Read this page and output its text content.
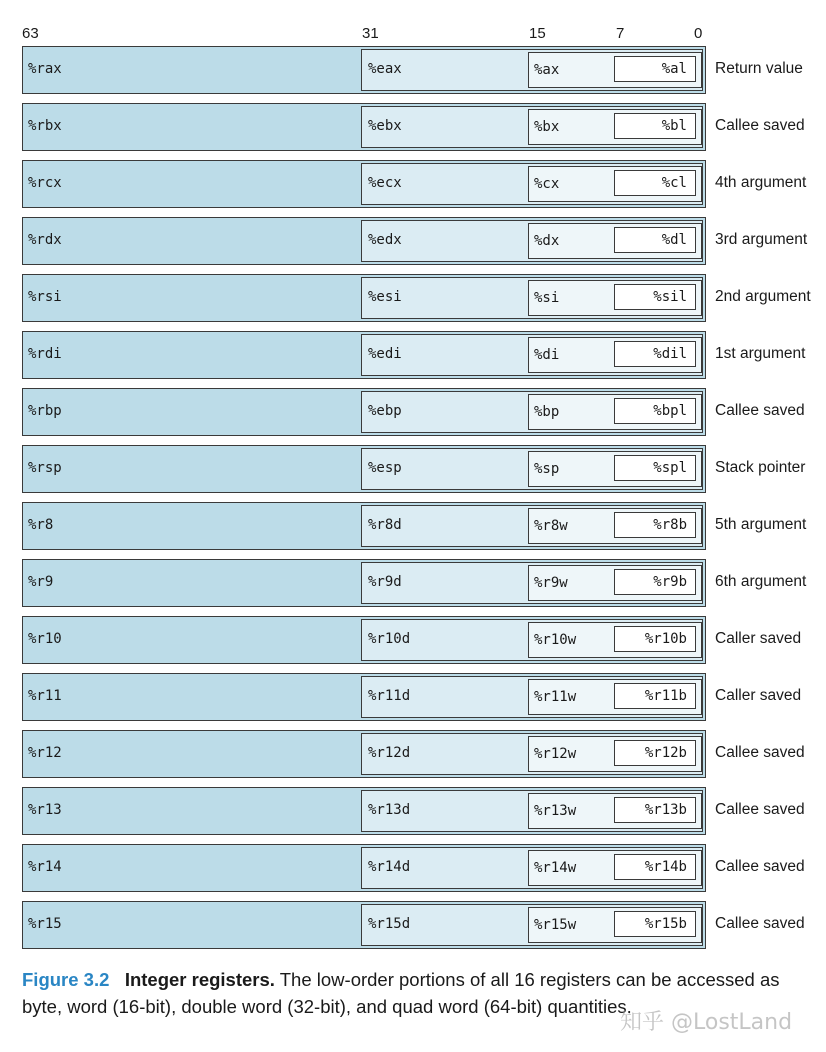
63	31	15	7	0
%rax	%eax	%ax	%al Return value
%rbx	%ebx	%bx	%bl Callee saved
%rcx	%ecx	%cx	%cl 4th argument
%rdx	%edx	%dx	%dl 3rd argument
%rsi	%esi	%si	%sil 2nd argument
%rdi	%edi	%di	%dil 1st argument
%rbp	%ebp	%bp	%bpl Callee saved
%rsp	%esp	%sp	%spl Stack pointer
%r8	%r8d	%r8w	%r8b 5th argument
%r9	%r9d	%r9w	%r9b 6th argument
%r10	%r10d	%r10w	%r10b Caller saved
%r11	%r11d	%r11w	%r11b Caller saved
%r12	%r12d	%r12w	%r12b Callee saved
%r13	%r13d	%r13w	%r13b Callee saved
%r14	%r14d	%r14w	%r14b Callee saved
%r15	%r15d	%r15w	%r15b Callee saved
Figure 3.2 Integer registers. The low-order portions of all 16 registers can be accessed as byte, word (16-bit), double word (32-bit), and quad word (64-bit) quantities.
知乎 @LostLand
